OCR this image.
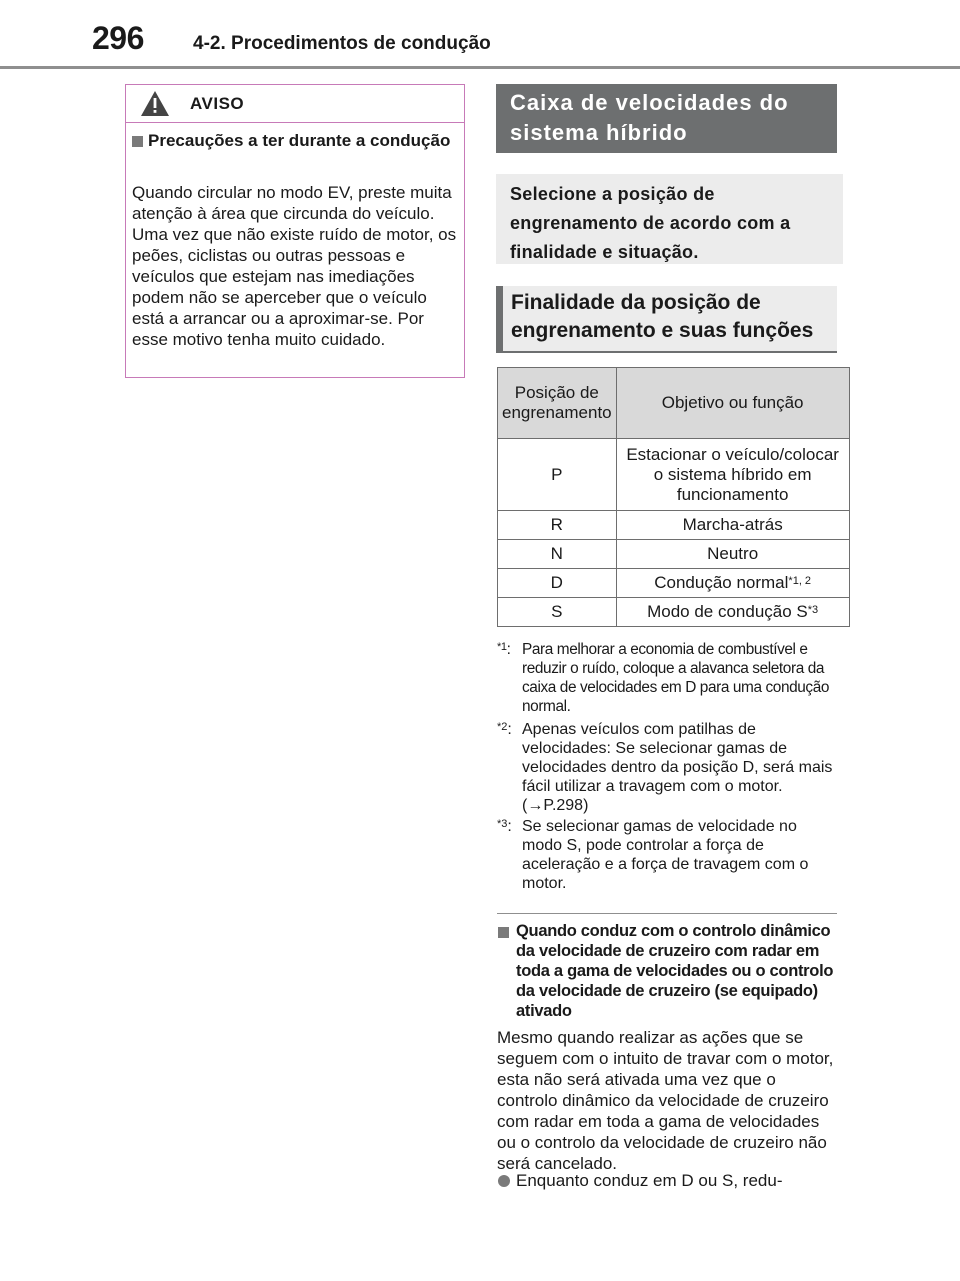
296	4-2. Procedimentos de condução
AVISO
Precauções a ter durante a condução
Quando circular no modo EV, preste muita atenção à área que circunda do veículo. Uma vez que não existe ruído de motor, os peões, ciclistas ou outras pessoas e veículos que estejam nas imediações podem não se aperceber que o veículo está a arrancar ou a aproximar-se. Por esse motivo tenha muito cuidado.
Caixa de velocidades do sistema híbrido
Selecione a posição de engrenamento de acordo com a finalidade e situação.
Finalidade da posição de engrenamento e suas funções
Posição de engrenamento	Objetivo ou função
P	Estacionar o veículo/colocar o sistema híbrido em funcionamento
R	Marcha-atrás
N	Neutro
D	Condução normal$^{*1, 2}$
S	Modo de condução $S^{*3}$
$^{*1}$: Para melhorar a economia de combustível e reduzir o ruído, coloque a alavanca seletora da caixa de velocidades em D para uma condução normal.
$^{*2}$: Apenas veículos com patilhas de velocidades: Se selecionar gamas de velocidades dentro da posição D, será mais fácil utilizar a travagem com o motor. (→P.298)
$^{*3}$: Se selecionar gamas de velocidade no modo S, pode controlar a força de aceleração e a força de travagem com o motor.
Quando conduz com o controlo dinâmico da velocidade de cruzeiro com radar em toda a gama de velocidades ou o controlo da velocidade de cruzeiro (se equipado) ativado
Mesmo quando realizar as ações que se seguem com o intuito de travar com o motor, esta não será ativada uma vez que o controlo dinâmico da velocidade de cruzeiro com radar em toda a gama de velocidades ou o controlo da velocidade de cruzeiro não será cancelado.
Enquanto conduz em D ou S, redu-
